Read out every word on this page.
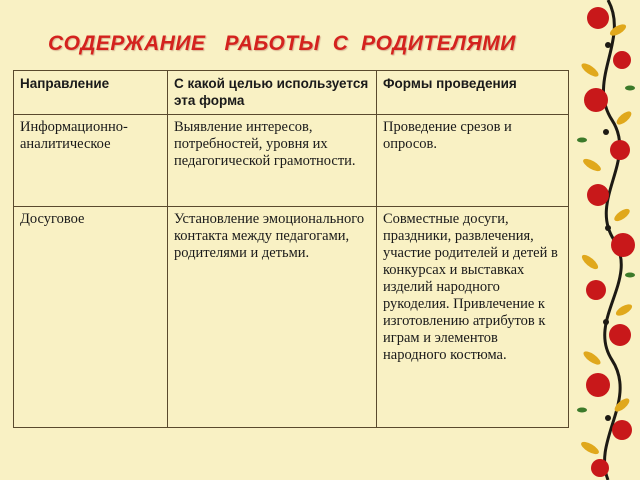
СОДЕРЖАНИЕ   РАБОТЫ  С  РОДИТЕЛЯМИ
Направление	С какой целью используется эта форма	Формы проведения
Информационно-аналитическое	Выявление интересов, потребностей, уровня их педагогической грамотности.	Проведение срезов и опросов.
Досуговое	Установление эмоционального контакта между педагогами, родителями и детьми.	Совместные досуги, праздники, развлечения, участие родителей и детей в конкурсах и выставках изделий народного рукоделия. Привлечение к изготовлению атрибутов к играм и элементов народного костюма.
